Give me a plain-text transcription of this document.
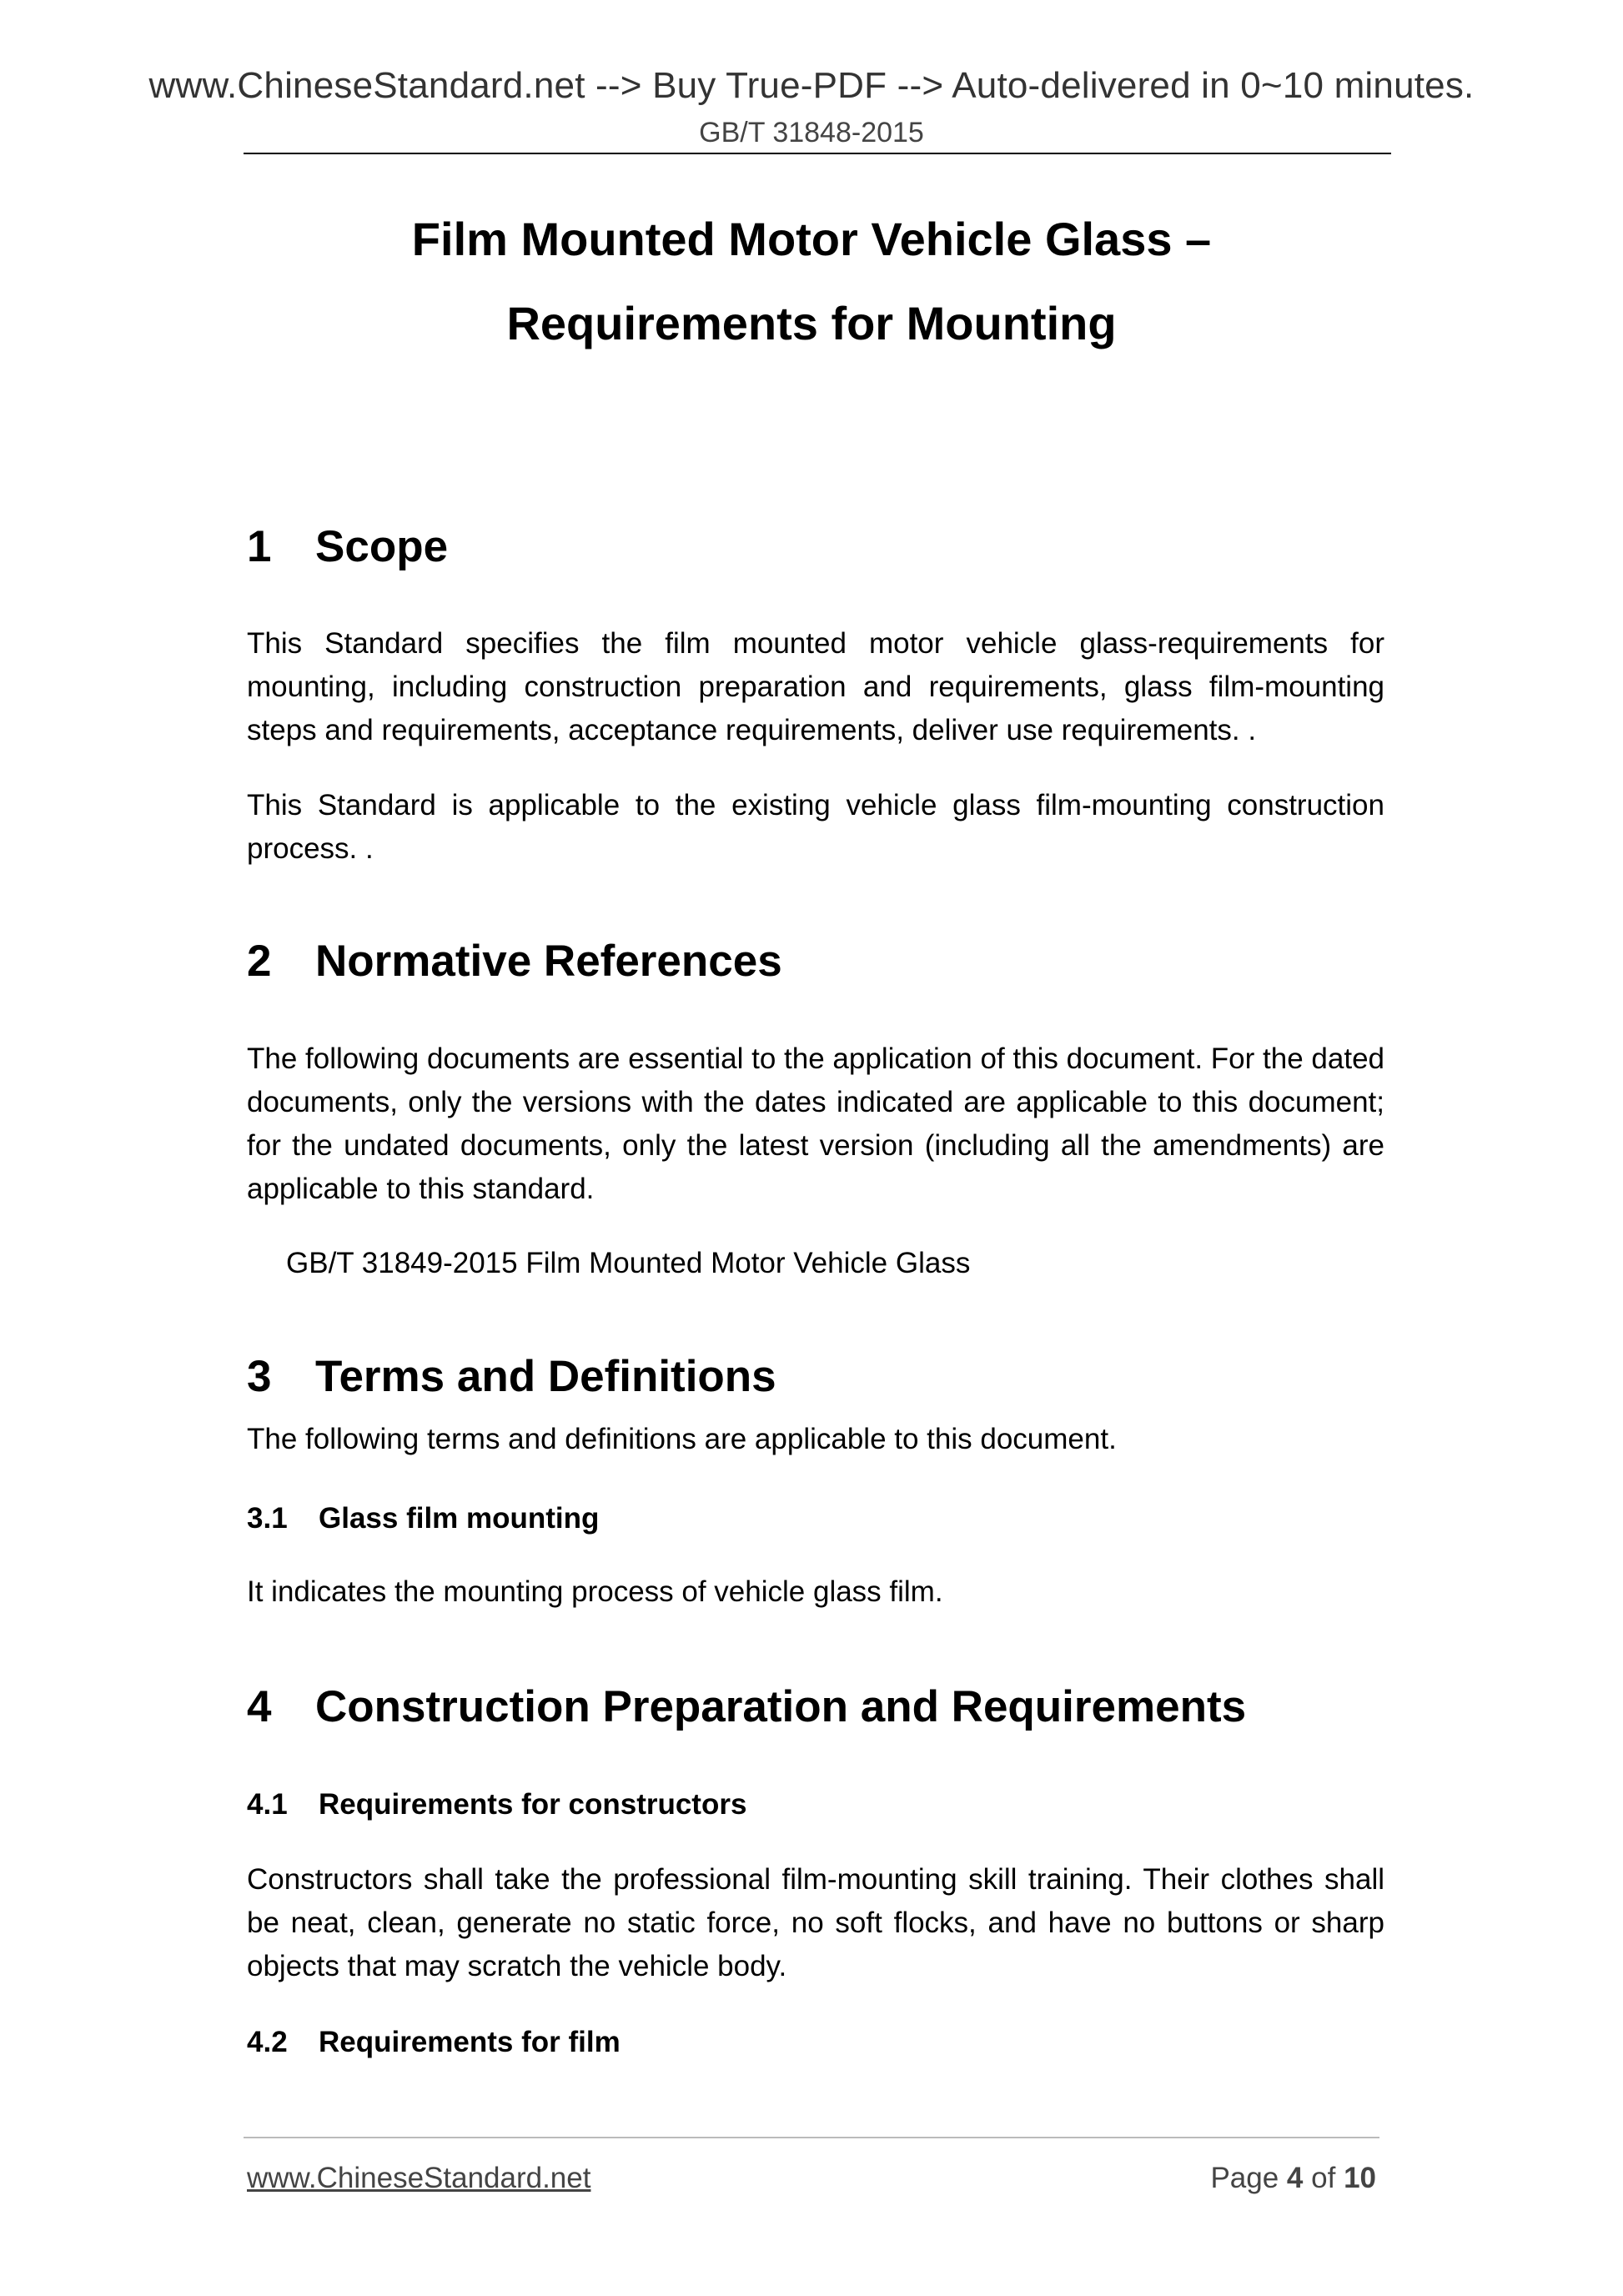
www.ChineseStandard.net --> Buy True-PDF --> Auto-delivered in 0~10 minutes.
GB/T 31848-2015
Film Mounted Motor Vehicle Glass –
Requirements for Mounting
1 Scope
This Standard specifies the film mounted motor vehicle glass-requirements for mounting, including construction preparation and requirements, glass film-mounting steps and requirements, acceptance requirements, deliver use requirements. .
This Standard is applicable to the existing vehicle glass film-mounting construction process. .
2 Normative References
The following documents are essential to the application of this document. For the dated documents, only the versions with the dates indicated are applicable to this document; for the undated documents, only the latest version (including all the amendments) are applicable to this standard.
GB/T 31849-2015 Film Mounted Motor Vehicle Glass
3 Terms and Definitions
The following terms and definitions are applicable to this document.
3.1 Glass film mounting
It indicates the mounting process of vehicle glass film.
4 Construction Preparation and Requirements
4.1 Requirements for constructors
Constructors shall take the professional film-mounting skill training. Their clothes shall be neat, clean, generate no static force, no soft flocks, and have no buttons or sharp objects that may scratch the vehicle body.
4.2 Requirements for film
www.ChineseStandard.net	Page 4 of 10
